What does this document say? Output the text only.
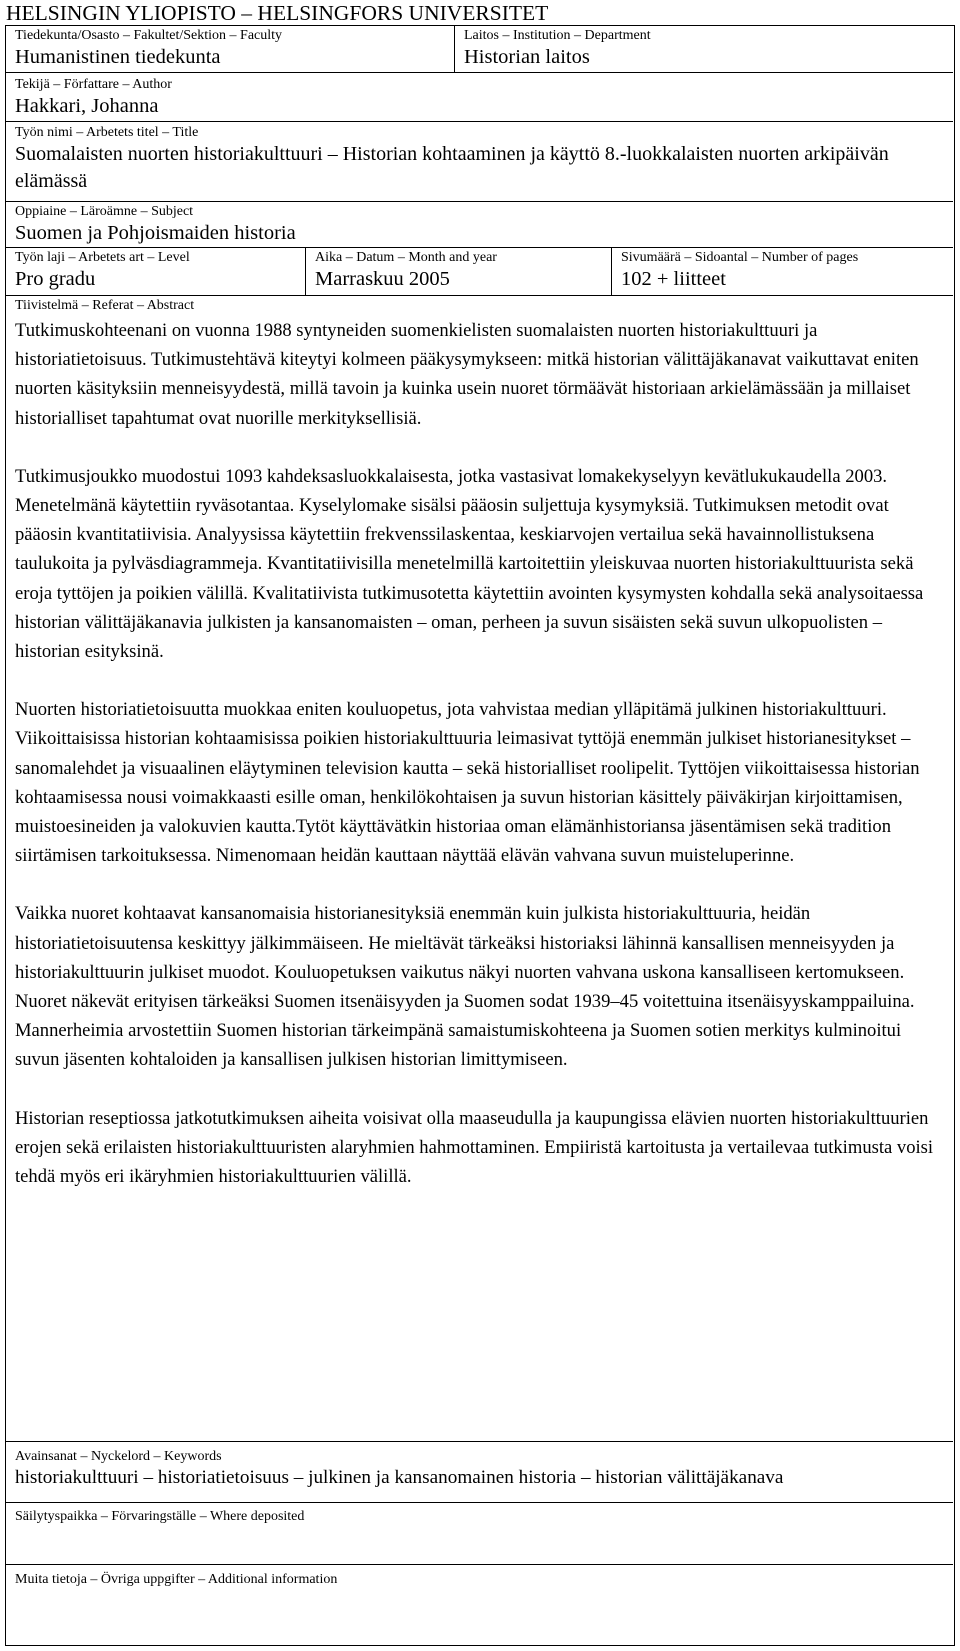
HELSINGIN YLIOPISTO – HELSINGFORS UNIVERSITET
Tiedekunta/Osasto – Fakultet/Sektion – Faculty
Humanistinen tiedekunta
Laitos – Institution – Department
Historian laitos
Tekijä – Författare – Author
Hakkari, Johanna
Työn nimi – Arbetets titel – Title
Suomalaisten nuorten historiakulttuuri – Historian kohtaaminen ja käyttö 8.-luokkalaisten nuorten arkipäivän elämässä
Oppiaine – Läroämne – Subject
Suomen ja Pohjoismaiden historia
Työn laji – Arbetets art – Level
Pro gradu
Aika – Datum – Month and year
Marraskuu 2005
Sivumäärä – Sidoantal – Number of pages
102 + liitteet
Tiivistelmä – Referat – Abstract

Tutkimuskohteenani on vuonna 1988 syntyneiden suomenkielisten suomalaisten nuorten historiakulttuuri ja historiatietoisuus. Tutkimustehtävä kiteytyi kolmeen pääkysymykseen: mitkä historian välittäjäkanavat vaikuttavat eniten nuorten käsityksiin menneisyydestä, millä tavoin ja kuinka usein nuoret törmäävät historiaan arkielämässään ja millaiset historialliset tapahtumat ovat nuorille merkityksellisiä.

Tutkimusjoukko muodostui 1093 kahdeksasluokkalaisesta, jotka vastasivat lomakekyselyyn kevätlukukaudella 2003. Menetelmänä käytettiin ryväsotantaa. Kyselylomake sisälsi pääosin suljettuja kysymyksiä. Tutkimuksen metodit ovat pääosin kvantitatiivisia. Analyysissa käytettiin frekvenssilaskentaa, keskiarvojen vertailua sekä havainnollistuksena taulukoita ja pylväsdiagrammeja. Kvantitatiivisilla menetelmillä kartoitettiin yleiskuvaa nuorten historiakulttuurista sekä eroja tyttöjen ja poikien välillä. Kvalitatiivista tutkimusotetta käytettiin avointen kysymysten kohdalla sekä analysoitaessa historian välittäjäkanavia julkisten ja kansanomaisten – oman, perheen ja suvun sisäisten sekä suvun ulkopuolisten – historian esityksinä.

Nuorten historiatietoisuutta muokkaa eniten kouluopetus, jota vahvistaa median ylläpitämä julkinen historiakulttuuri. Viikoittaisissa historian kohtaamisissa poikien historiakulttuuria leimasivat tyttöjä enemmän julkiset historianesitykset – sanomalehdet ja visuaalinen eläytyminen television kautta – sekä historialliset roolipelit. Tyttöjen viikoittaisessa historian kohtaamisessa nousi voimakkaasti esille oman, henkilökohtaisen ja suvun historian käsittely päiväkirjan kirjoittamisen, muistoesineiden ja valokuvien kautta.Tytöt käyttävätkin historiaa oman elämänhistoriansa jäsentämisen sekä tradition siirtämisen tarkoituksessa. Nimenomaan heidän kauttaan näyttää elävän vahvana suvun muisteluperinne.

Vaikka nuoret kohtaavat kansanomaisia historianesityksiä enemmän kuin julkista historiakulttuuria, heidän historiatietoisuutensa keskittyy jälkimmäiseen. He mieltävät tärkeäksi historiaksi lähinnä kansallisen menneisyyden ja historiakulttuurin julkiset muodot. Kouluopetuksen vaikutus näkyi nuorten vahvana uskona kansalliseen kertomukseen. Nuoret näkevät erityisen tärkeäksi Suomen itsenäisyyden ja Suomen sodat 1939–45 voitettuina itsenäisyyskamppailuina. Mannerheimia arvostettiin Suomen historian tärkeimpänä samaistumiskohteena ja Suomen sotien merkitys kulminoitui suvun jäsenten kohtaloiden ja kansallisen julkisen historian limittymiseen.

Historian reseptiossa jatkotutkimuksen aiheita voisivat olla maaseudulla ja kaupungissa elävien nuorten historiakulttuurien erojen sekä erilaisten historiakulttuuristen alaryhmien hahmottaminen. Empiiristä kartoitusta ja vertailevaa tutkimusta voisi tehdä myös eri ikäryhmien historiakulttuurien välillä.

Avainsanat – Nyckelord – Keywords
historiakulttuuri – historiatietoisuus – julkinen ja kansanomainen historia – historian välittäjäkanava
Säilytyspaikka – Förvaringställe – Where deposited
Muita tietoja – Övriga uppgifter – Additional information
